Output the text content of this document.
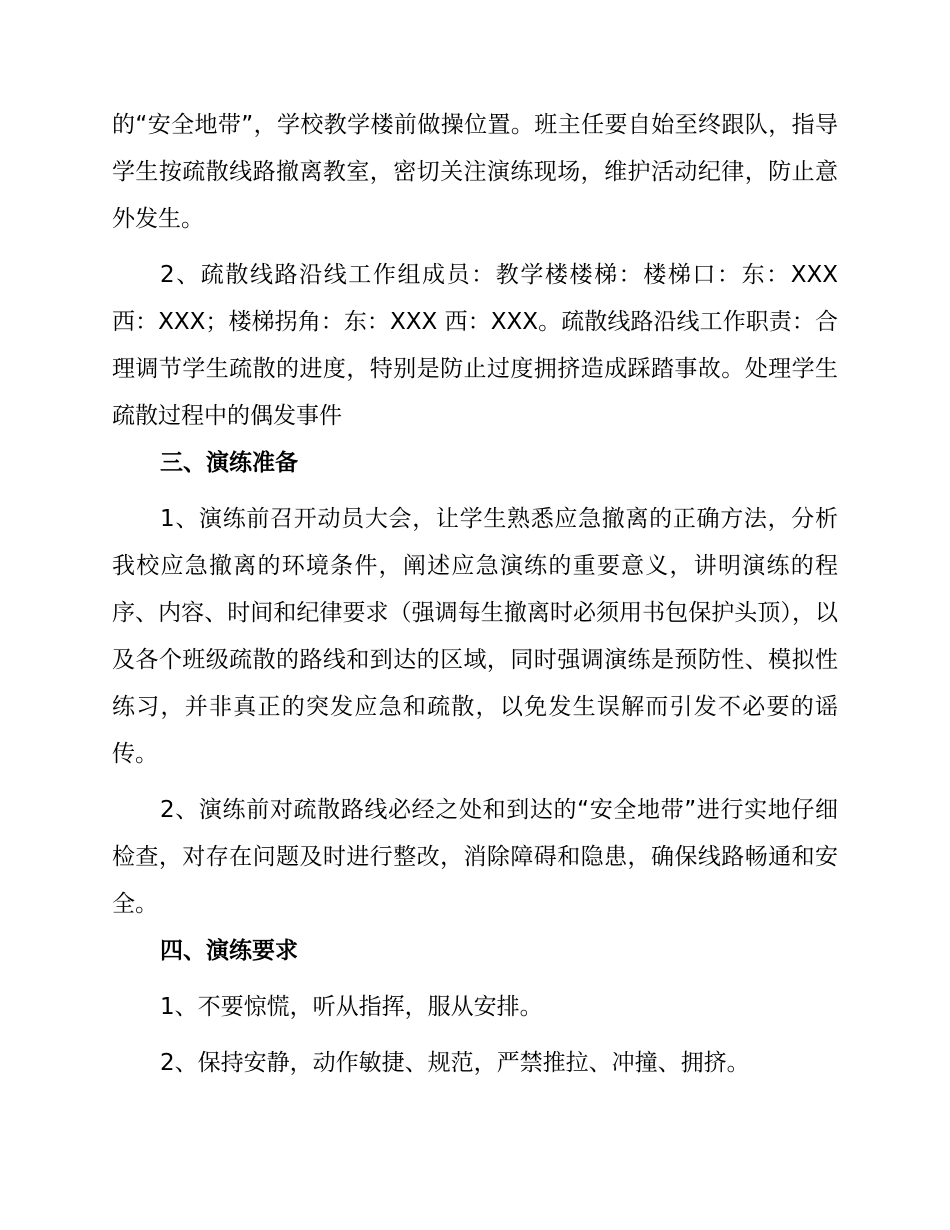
的“安全地带”，学校教学楼前做操位置。班主任要自始至终跟队，指导学生按疏散线路撤离教室，密切关注演练现场，维护活动纪律，防止意外发生。

2、疏散线路沿线工作组成员：教学楼楼梯：楼梯口：东：XXX 西：XXX；楼梯拐角：东：XXX 西：XXX。疏散线路沿线工作职责：合理调节学生疏散的进度，特别是防止过度拥挤造成踩踏事故。处理学生疏散过程中的偶发事件

三、演练准备

1、演练前召开动员大会，让学生熟悉应急撤离的正确方法，分析我校应急撤离的环境条件，阐述应急演练的重要意义，讲明演练的程序、内容、时间和纪律要求（强调每生撤离时必须用书包保护头顶），以及各个班级疏散的路线和到达的区域，同时强调演练是预防性、模拟性练习，并非真正的突发应急和疏散，以免发生误解而引发不必要的谣传。

2、演练前对疏散路线必经之处和到达的“安全地带”进行实地仔细检查，对存在问题及时进行整改，消除障碍和隐患，确保线路畅通和安全。

四、演练要求

1、不要惊慌，听从指挥，服从安排。

2、保持安静，动作敏捷、规范，严禁推拉、冲撞、拥挤。
